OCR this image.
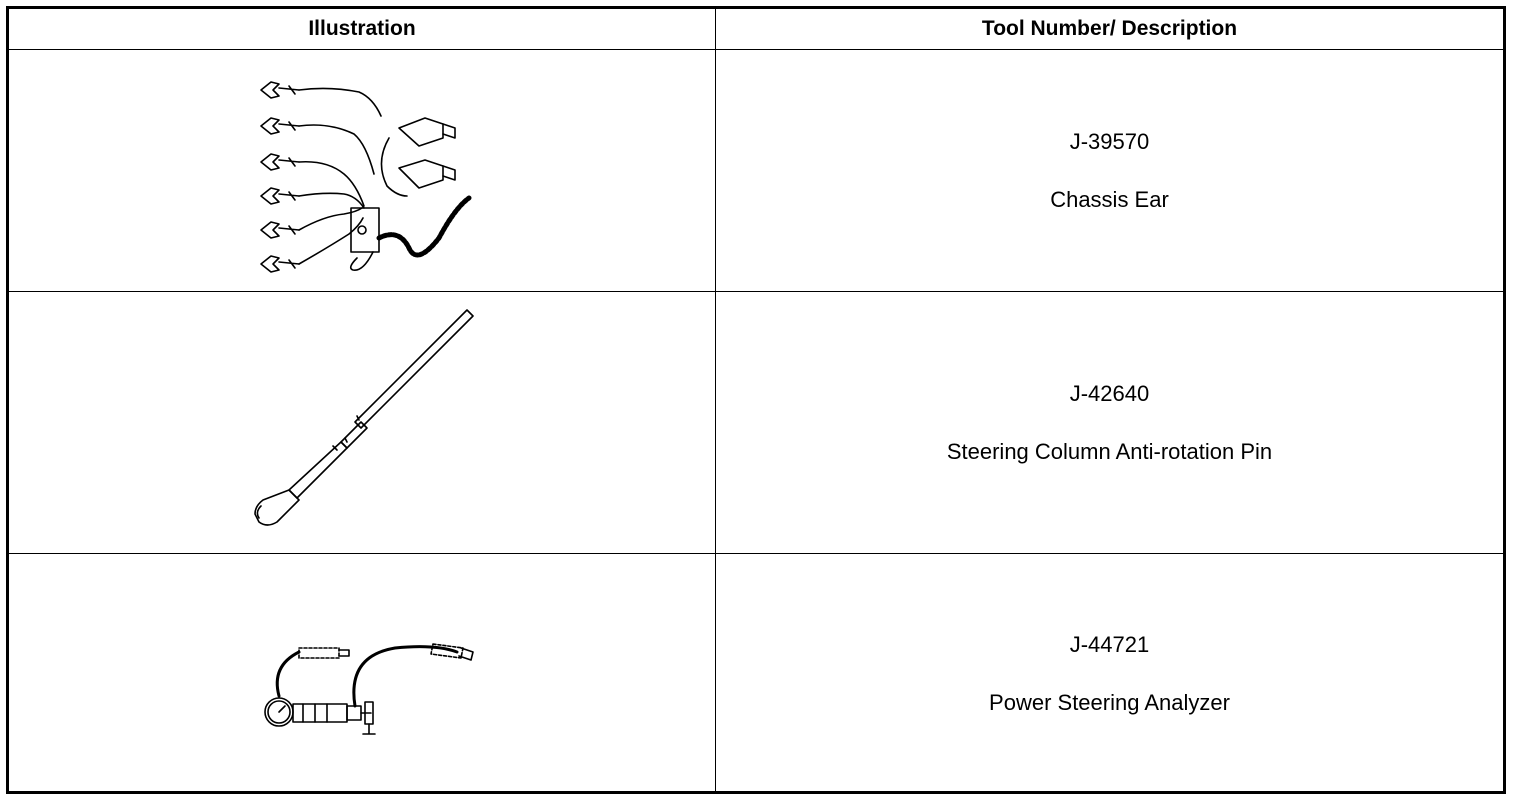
Illustration	Tool Number/ Description
J-39570
Chassis Ear
J-42640
Steering Column Anti-rotation Pin
J-44721
Power Steering Analyzer
